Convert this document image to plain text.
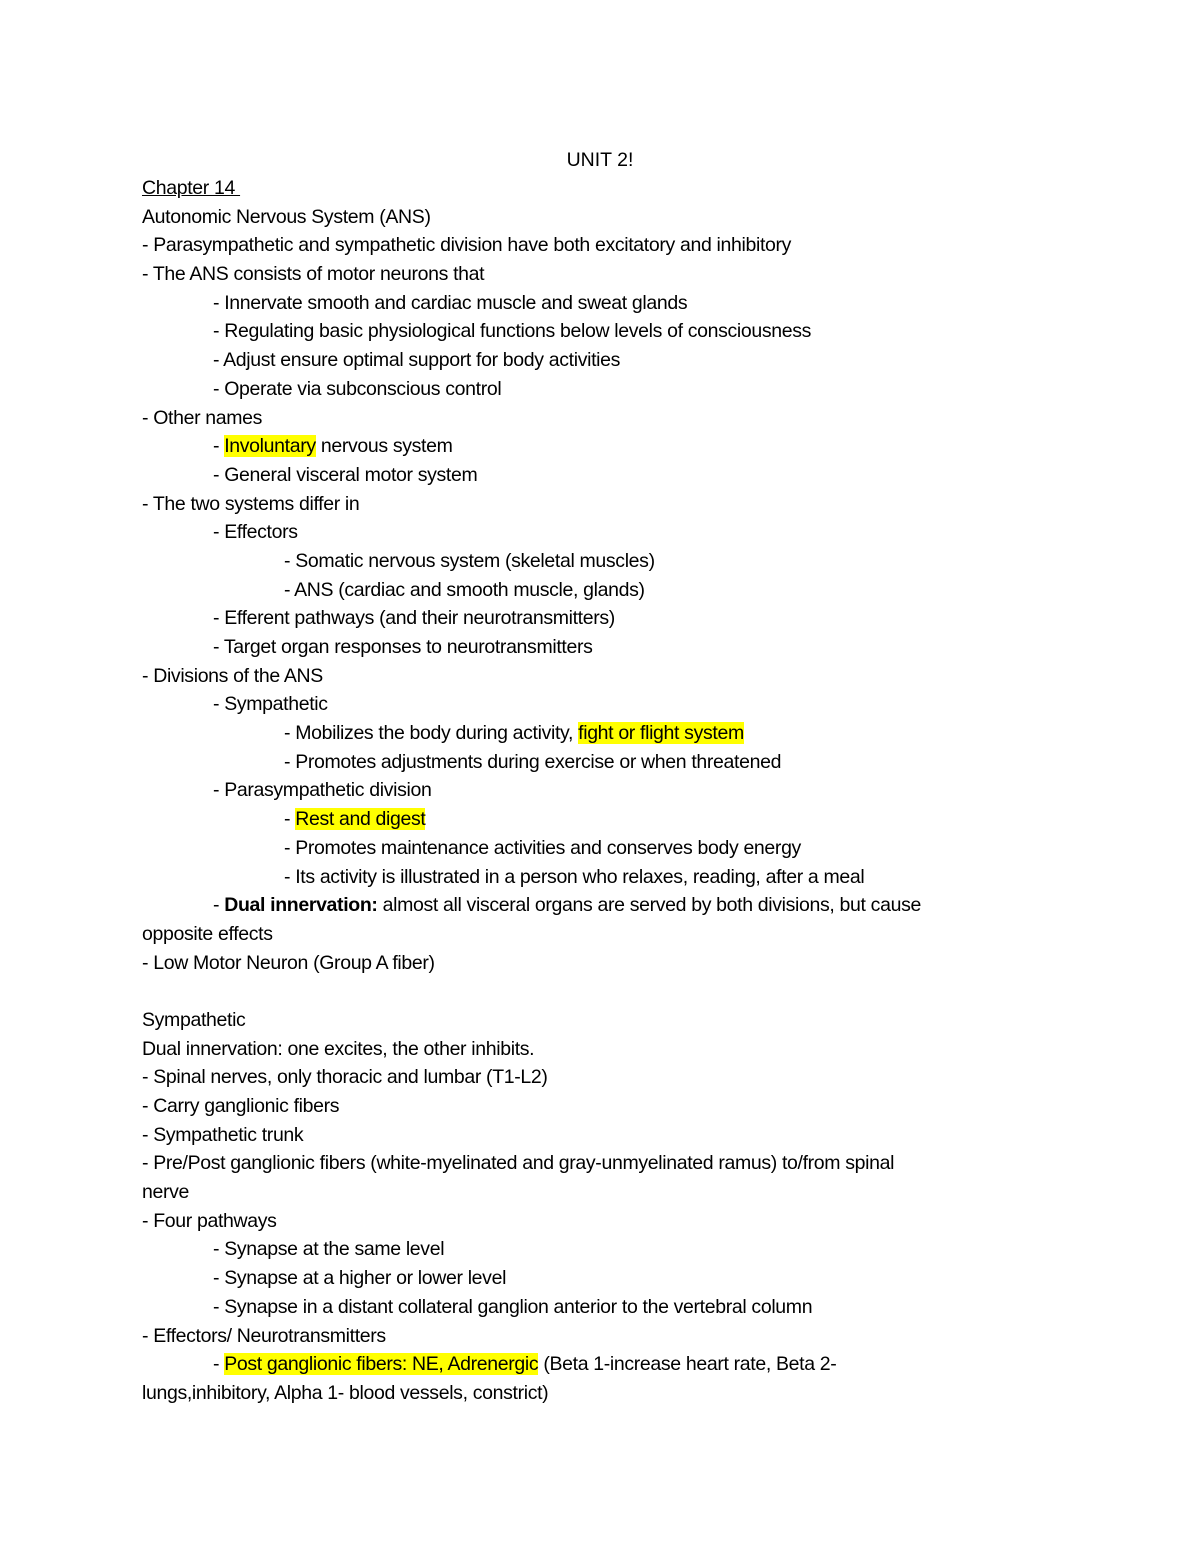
UNIT 2!
Chapter 14
Autonomic Nervous System (ANS)
- Parasympathetic and sympathetic division have both excitatory and inhibitory
- The ANS consists of motor neurons that
- Innervate smooth and cardiac muscle and sweat glands
- Regulating basic physiological functions below levels of consciousness
- Adjust ensure optimal support for body activities
- Operate via subconscious control
- Other names
- Involuntary nervous system
- General visceral motor system
- The two systems differ in
- Effectors
- Somatic nervous system (skeletal muscles)
- ANS (cardiac and smooth muscle, glands)
- Efferent pathways (and their neurotransmitters)
- Target organ responses to neurotransmitters
- Divisions of the ANS
- Sympathetic
- Mobilizes the body during activity, fight or flight system
- Promotes adjustments during exercise or when threatened
- Parasympathetic division
- Rest and digest
- Promotes maintenance activities and conserves body energy
- Its activity is illustrated in a person who relaxes, reading, after a meal
- Dual innervation: almost all visceral organs are served by both divisions, but cause
opposite effects
- Low Motor Neuron (Group A fiber)
Sympathetic
Dual innervation: one excites, the other inhibits.
- Spinal nerves, only thoracic and lumbar (T1-L2)
- Carry ganglionic fibers
- Sympathetic trunk
- Pre/Post ganglionic fibers (white-myelinated and gray-unmyelinated ramus) to/from spinal
nerve
- Four pathways
- Synapse at the same level
- Synapse at a higher or lower level
- Synapse in a distant collateral ganglion anterior to the vertebral column
- Effectors/ Neurotransmitters
- Post ganglionic fibers: NE, Adrenergic (Beta 1-increase heart rate, Beta 2-
lungs,inhibitory, Alpha 1- blood vessels, constrict)
